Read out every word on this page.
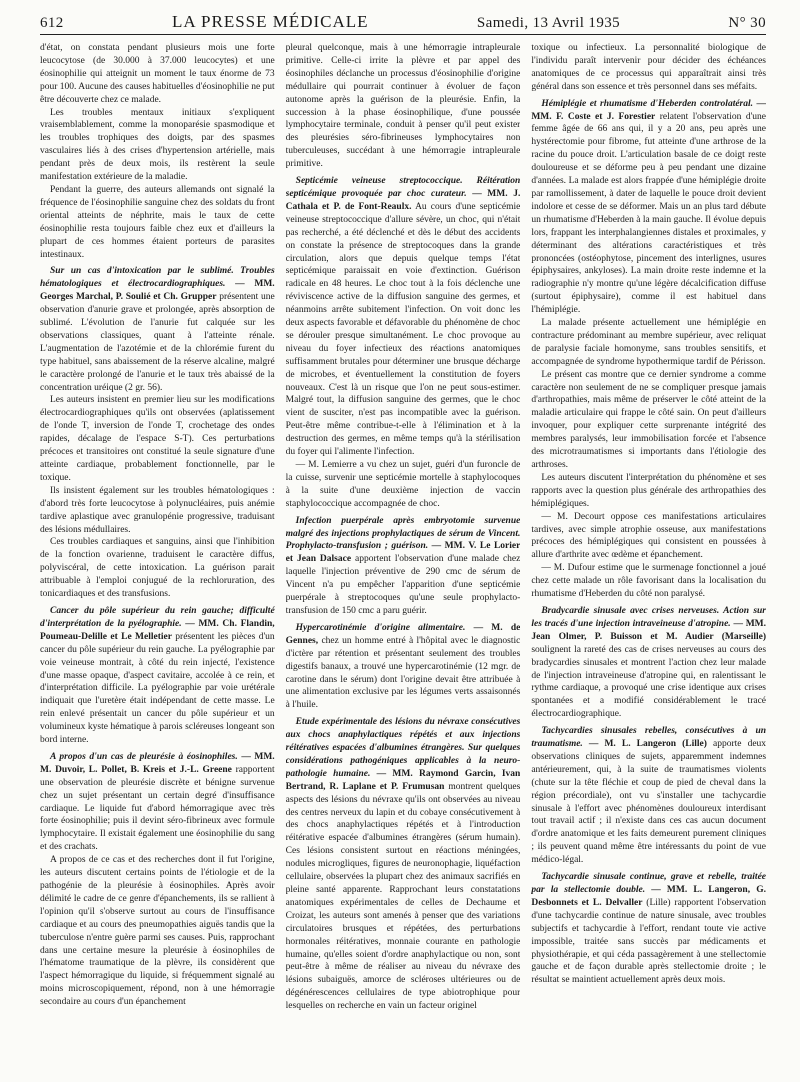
612	LA PRESSE MÉDICALE	Samedi, 13 Avril 1935	N° 30

d'état, on constata pendant plusieurs mois une forte leucocytose (de 30.000 à 37.000 leucocytes) et une éosinophilie qui atteignit un moment le taux énorme de 73 pour 100. Aucune des causes habituelles d'éosinophilie ne put être découverte chez ce malade.

Les troubles mentaux initiaux s'expliquent vraisemblablement, comme la monoparésie spasmodique et les troubles trophiques des doigts, par des spasmes vasculaires liés à des crises d'hypertension artérielle, mais pendant près de deux mois, ils restèrent la seule manifestation extérieure de la maladie.

Pendant la guerre, des auteurs allemands ont signalé la fréquence de l'éosinophilie sanguine chez des soldats du front oriental atteints de néphrite, mais le taux de cette éosinophilie resta toujours faible chez eux et d'ailleurs la plupart de ces hommes étaient porteurs de parasites intestinaux.

Sur un cas d'intoxication par le sublimé. Troubles hématologiques et électrocardiographiques. — MM. Georges Marchal, P. Soulié et Ch. Grupper présentent une observation d'anurie grave et prolongée, après absorption de sublimé. L'évolution de l'anurie fut calquée sur les observations classiques, quant à l'atteinte rénale. L'augmentation de l'azotémie et de la chlorémie furent du type habituel, sans abaissement de la réserve alcaline, malgré le caractère prolongé de l'anurie et le taux très abaissé de la concentration uréique (2 gr. 56).

Les auteurs insistent en premier lieu sur les modifications électrocardiographiques qu'ils ont observées (aplatissement de l'onde T, inversion de l'onde T, crochetage des ondes rapides, décalage de l'espace S-T). Ces perturbations précoces et transitoires ont constitué la seule signature d'une atteinte cardiaque, probablement fonctionnelle, par le toxique.

Ils insistent également sur les troubles hématologiques : d'abord très forte leucocytose à polynucléaires, puis anémie tardive aplastique avec granulopénie progressive, traduisant des lésions médullaires.

Ces troubles cardiaques et sanguins, ainsi que l'inhibition de la fonction ovarienne, traduisent le caractère diffus, polyviscéral, de cette intoxication. La guérison parait attribuable à l'emploi conjugué de la rechloruration, des tonicardiaques et des transfusions.

Cancer du pôle supérieur du rein gauche; difficulté d'interprétation de la pyélographie. — MM. Ch. Flandin, Poumeau-Delille et Le Melletier présentent les pièces d'un cancer du pôle supérieur du rein gauche. La pyélographie par voie veineuse montrait, à côté du rein injecté, l'existence d'une masse opaque, d'aspect cavitaire, accolée à ce rein, et d'interprétation difficile. La pyélographie par voie urétérale indiquait que l'uretère était indépendant de cette masse. Le rein enlevé présentait un cancer du pôle supérieur et un volumineux kyste hématique à parois scléreuses longeant son bord interne.

A propos d'un cas de pleurésie à éosinophiles. — MM. M. Duvoir, L. Pollet, B. Kreis et J.-L. Greene rapportent une observation de pleurésie discrète et bénigne survenue chez un sujet présentant un certain degré d'insuffisance cardiaque. Le liquide fut d'abord hémorragique avec très forte éosinophilie; puis il devint séro-fibrineux avec formule lymphocytaire. Il existait également une éosinophilie du sang et des crachats.

A propos de ce cas et des recherches dont il fut l'origine, les auteurs discutent certains points de l'étiologie et de la pathogénie de la pleurésie à éosinophiles. Après avoir délimité le cadre de ce genre d'épanchements, ils se rallient à l'opinion qu'il s'observe surtout au cours de l'insuffisance cardiaque et au cours des pneumopathies aiguës tandis que la tuberculose n'entre guère parmi ses causes. Puis, rapprochant dans une certaine mesure la pleurésie à éosinophiles de l'hématome traumatique de la plèvre, ils considèrent que l'aspect hémorragique du liquide, si fréquemment signalé au moins microscopiquement, répond, non à une hémorragie secondaire au cours d'un épanchement

pleural quelconque, mais à une hémorragie intrapleurale primitive. Celle-ci irrite la plèvre et par appel des éosinophiles déclanche un processus d'éosinophilie d'origine médullaire qui pourrait continuer à évoluer de façon autonome après la guérison de la pleurésie. Enfin, la succession à la phase éosinophilique, d'une poussée lymphocytaire terminale, conduit à penser qu'il peut exister des pleurésies séro-fibrineuses lymphocytaires non tuberculeuses, succédant à une hémorragie intrapleurale primitive.

Septicémie veineuse streptococcique. Réitération septicémique provoquée par choc curateur. — MM. J. Cathala et P. de Font-Reaulx. Au cours d'une septicémie veineuse streptococcique d'allure sévère, un choc, qui n'était pas recherché, a été déclenché et dès le début des accidents on constate la présence de streptocoques dans la grande circulation, alors que depuis quelque temps l'état septicémique paraissait en voie d'extinction. Guérison radicale en 48 heures. Le choc tout à la fois déclenche une réviviscence active de la diffusion sanguine des germes, et néanmoins arrête subitement l'infection. On voit donc les deux aspects favorable et défavorable du phénomène de choc se dérouler presque simultanément. Le choc provoque au niveau du foyer infectieux des réactions anatomiques suffisamment brutales pour déterminer une brusque décharge de microbes, et éventuellement la constitution de foyers nouveaux. C'est là un risque que l'on ne peut sous-estimer. Malgré tout, la diffusion sanguine des germes, que le choc vient de susciter, n'est pas incompatible avec la guérison. Peut-être même contribue-t-elle à l'élimination et à la destruction des germes, en même temps qu'à la stérilisation du foyer qui l'alimente l'infection.

— M. Lemierre a vu chez un sujet, guéri d'un furoncle de la cuisse, survenir une septicémie mortelle à staphylocoques à la suite d'une deuxième injection de vaccin staphylococcique accompagnée de choc.

Infection puerpérale après embryotomie survenue malgré des injections prophylactiques de sérum de Vincent. Prophylacto-transfusion ; guérison. — MM. V. Le Lorier et Jean Dalsace apportent l'observation d'une malade chez laquelle l'injection préventive de 290 cmc de sérum de Vincent n'a pu empêcher l'apparition d'une septicémie puerpérale à streptocoques qu'une seule prophylacto-transfusion de 150 cmc a paru guérir.

Hypercarotinémie d'origine alimentaire. — M. de Gennes, chez un homme entré à l'hôpital avec le diagnostic d'ictère par rétention et présentant seulement des troubles digestifs banaux, a trouvé une hypercarotinémie (12 mgr. de carotine dans le sérum) dont l'origine devait être attribuée à une alimentation exclusive par les légumes verts assaisonnés à l'huile.

Etude expérimentale des lésions du névraxe consécutives aux chocs anaphylactiques répétés et aux injections réitératives espacées d'albumines étrangères. Sur quelques considérations pathogéniques applicables à la neuro-pathologie humaine. — MM. Raymond Garcin, Ivan Bertrand, R. Laplane et P. Frumusan montrent quelques aspects des lésions du névraxe qu'ils ont observées au niveau des centres nerveux du lapin et du cobaye consécutivement à des chocs anaphylactiques répétés et à l'introduction réitérative espacée d'albumines étrangères (sérum humain). Ces lésions consistent surtout en réactions méningées, nodules microgliques, figures de neuronophagie, liquéfaction cellulaire, observées la plupart chez des animaux sacrifiés en pleine santé apparente. Rapprochant leurs constatations anatomiques expérimentales de celles de Dechaume et Croizat, les auteurs sont amenés à penser que des variations circulatoires brusques et répétées, des perturbations hormonales réitératives, monnaie courante en pathologie humaine, qu'elles soient d'ordre anaphylactique ou non, sont peut-être à même de réaliser au niveau du névraxe des lésions subaiguës, amorce de scléroses ultérieures ou de dégénérescences cellulaires de type abiotrophique pour lesquelles on recherche en vain un facteur originel

toxique ou infectieux. La personnalité biologique de l'individu paraît intervenir pour décider des échéances anatomiques de ce processus qui apparaîtrait ainsi très général dans son essence et très personnel dans ses méfaits.

Hémiplégie et rhumatisme d'Heberden controlatéral. — MM. F. Coste et J. Forestier relatent l'observation d'une femme âgée de 66 ans qui, il y a 20 ans, peu après une hystérectomie pour fibrome, fut atteinte d'une arthrose de la racine du pouce droit. L'articulation basale de ce doigt reste douloureuse et se déforme peu à peu pendant une dizaine d'années. La malade est alors frappée d'une hémiplégie droite par ramollissement, à dater de laquelle le pouce droit devient indolore et cesse de se déformer. Mais un an plus tard débute un rhumatisme d'Heberden à la main gauche. Il évolue depuis lors, frappant les interphalangiennes distales et proximales, y déterminant des altérations caractéristiques et très prononcées (ostéophytose, pincement des interlignes, usures épiphysaires, ankyloses). La main droite reste indemne et la radiographie n'y montre qu'une légère décalcification diffuse (surtout épiphysaire), comme il est habituel dans l'hémiplégie.

La malade présente actuellement une hémiplégie en contracture prédominant au membre supérieur, avec reliquat de paralysie faciale homonyme, sans troubles sensitifs, et accompagnée de syndrome hypothermique tardif de Périsson.

Le présent cas montre que ce dernier syndrome a comme caractère non seulement de ne se compliquer presque jamais d'arthropathies, mais même de préserver le côté atteint de la maladie articulaire qui frappe le côté sain. On peut d'ailleurs invoquer, pour expliquer cette surprenante intégrité des membres paralysés, leur immobilisation forcée et l'absence des microtraumatismes si importants dans l'étiologie des arthroses.

Les auteurs discutent l'interprétation du phénomène et ses rapports avec la question plus générale des arthropathies des hémiplégiques.

— M. Decourt oppose ces manifestations articulaires tardives, avec simple atrophie osseuse, aux manifestations précoces des hémiplégiques qui consistent en poussées à allure d'arthrite avec œdème et épanchement.

— M. Dufour estime que le surmenage fonctionnel a joué chez cette malade un rôle favorisant dans la localisation du rhumatisme d'Heberden du côté non paralysé.

Bradycardie sinusale avec crises nerveuses. Action sur les tracés d'une injection intraveineuse d'atropine. — MM. Jean Olmer, P. Buisson et M. Audier (Marseille) soulignent la rareté des cas de crises nerveuses au cours des bradycardies sinusales et montrent l'action chez leur malade de l'injection intraveineuse d'atropine qui, en ralentissant le rythme cardiaque, a provoqué une crise identique aux crises spontanées et a modifié considérablement le tracé électrocardiographique.

Tachycardies sinusales rebelles, consécutives à un traumatisme. — M. L. Langeron (Lille) apporte deux observations cliniques de sujets, apparemment indemnes antérieurement, qui, à la suite de traumatismes violents (chute sur la tête fléchie et coup de pied de cheval dans la région précordiale), ont vu s'installer une tachycardie sinusale à l'effort avec phénomènes douloureux interdisant tout travail actif ; il n'existe dans ces cas aucun document d'ordre anatomique et les faits demeurent purement cliniques ; ils peuvent quand même être intéressants du point de vue médico-légal.

Tachycardie sinusale continue, grave et rebelle, traitée par la stellectomie double. — MM. L. Langeron, G. Desbonnets et L. Delvaller (Lille) rapportent l'observation d'une tachycardie continue de nature sinusale, avec troubles subjectifs et tachycardie à l'effort, rendant toute vie active impossible, traitée sans succès par médicaments et physiothérapie, et qui céda passagèrement à une stellectomie gauche et de façon durable après stellectomie droite ; le résultat se maintient actuellement après deux mois.
